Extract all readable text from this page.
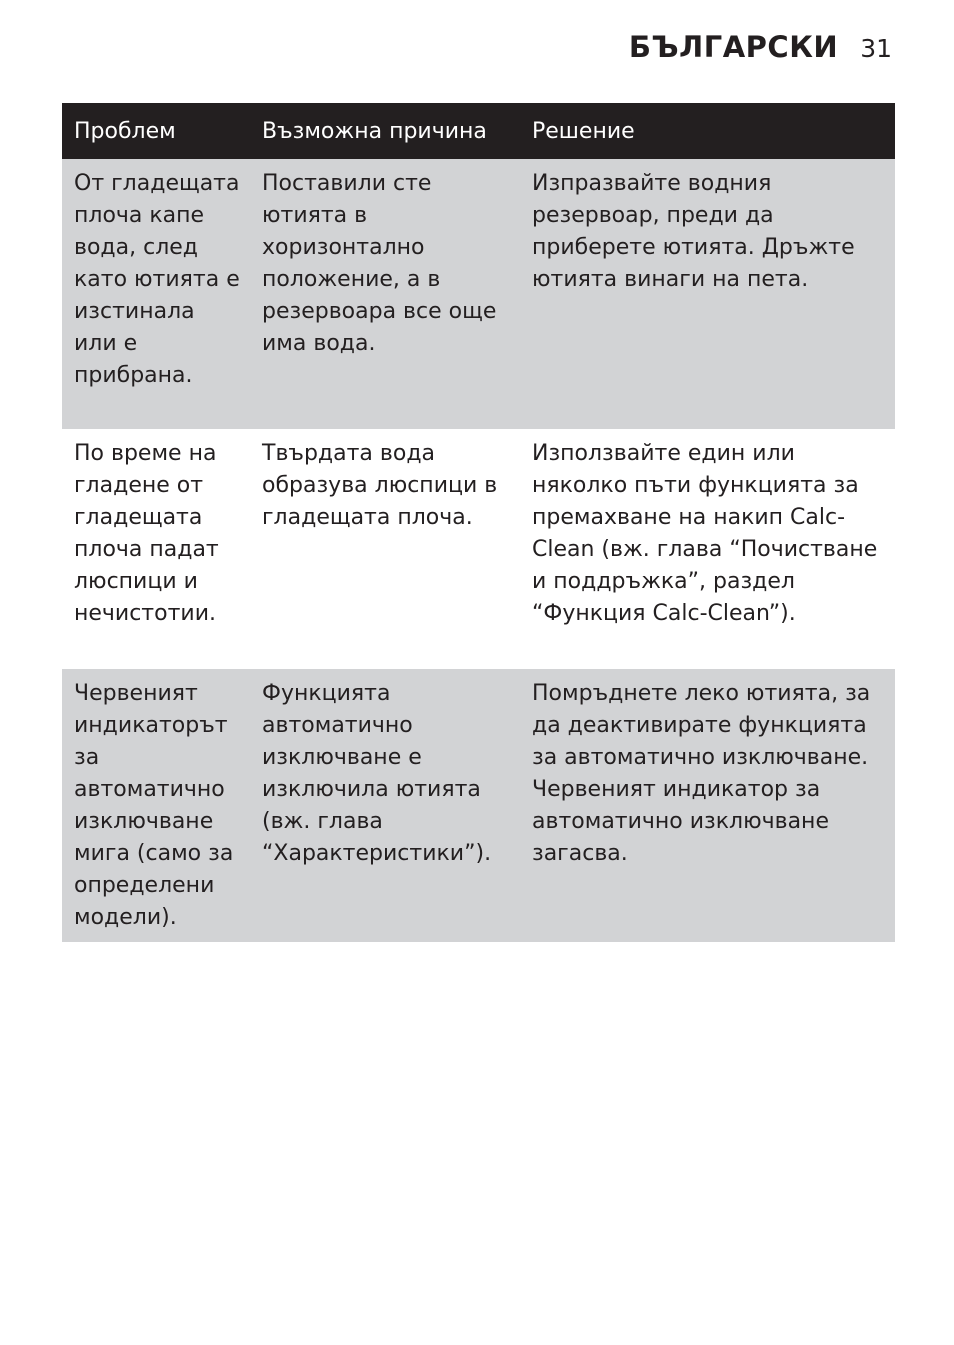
БЪЛГАРСКИ 31
Проблем	Възможна причина	Решение
От гладещата плоча капе вода, след като ютията е изстинала или е прибрана.	Поставили сте ютията в хоризонтално положение, а в резервоара все още има вода.	Изпразвайте водния резервоар, преди да приберете ютията. Дръжте ютията винаги на пета.
По време на гладене от гладещата плоча падат люспици и нечистотии.	Твърдата вода образува люспици в гладещата плоча.	Използвайте един или няколко пъти функцията за премахване на накип Calc-Clean (вж. глава “Почистване и поддръжка”, раздел “Функция Calc-Clean”).
Червеният индикаторът за автоматично изключване мига (само за определени модели).	Функцията автоматично изключване е изключила ютията (вж. глава “Характеристики”).	Помръднете леко ютията, за да деактивирате функцията за автоматично изключване. Червеният индикатор за автоматично изключване загасва.
